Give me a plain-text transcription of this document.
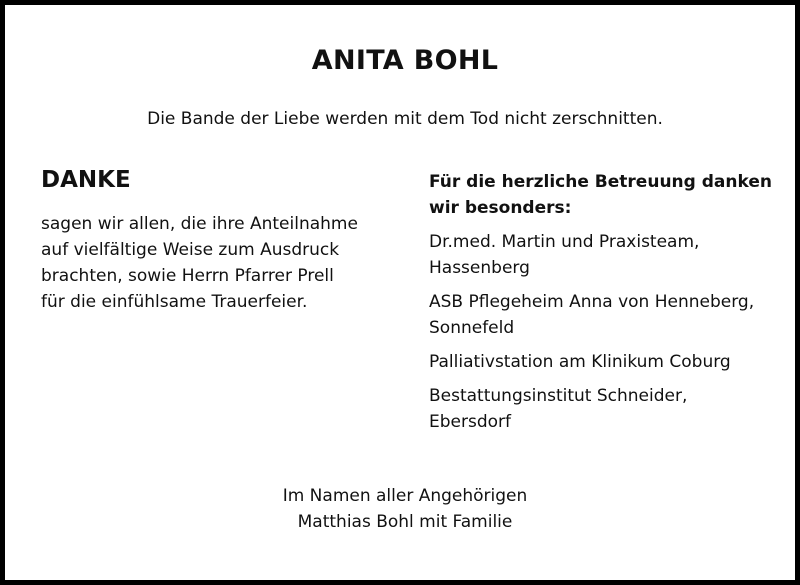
ANITA BOHL
Die Bande der Liebe werden mit dem Tod nicht zerschnitten.
DANKE
sagen wir allen, die ihre Anteilnahme
auf vielfältige Weise zum Ausdruck
brachten, sowie Herrn Pfarrer Prell
für die einfühlsame Trauerfeier.
Für die herzliche Betreuung danken
wir besonders:
Dr.med. Martin und Praxisteam,
Hassenberg
ASB Pflegeheim Anna von Henneberg,
Sonnefeld
Palliativstation am Klinikum Coburg
Bestattungsinstitut Schneider,
Ebersdorf
Im Namen aller Angehörigen
Matthias Bohl mit Familie
